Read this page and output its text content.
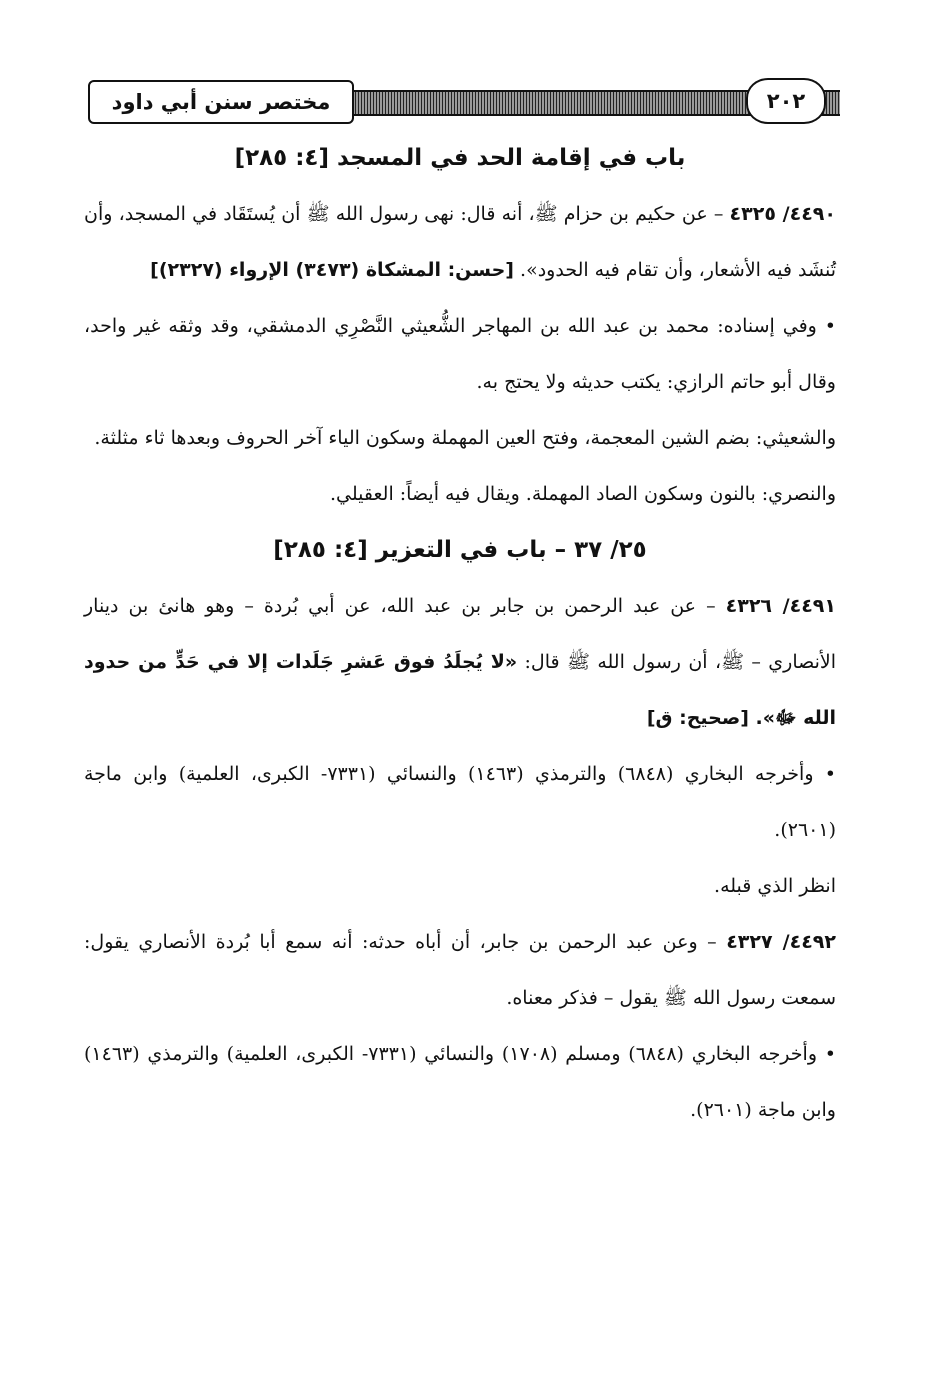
مختصر سنن أبي داود	٢٠٢

باب في إقامة الحد في المسجد [٤: ٢٨٥]

٤٤٩٠/ ٤٣٢٥ – عن حكيم بن حزام ﷺ، أنه قال: نهى رسول الله ﷺ أن يُستَقَاد في المسجد، وأن تُنشَد فيه الأشعار، وأن تقام فيه الحدود». [حسن: المشكاة (٣٤٧٣) الإرواء (٢٣٢٧)]

• وفي إسناده: محمد بن عبد الله بن المهاجر الشُّعيثي النَّصْرِي الدمشقي، وقد وثقه غير واحد، وقال أبو حاتم الرازي: يكتب حديثه ولا يحتج به.

والشعيثي: بضم الشين المعجمة، وفتح العين المهملة وسكون الياء آخر الحروف وبعدها ثاء مثلثة.

والنصري: بالنون وسكون الصاد المهملة. ويقال فيه أيضاً: العقيلي.

٢٥/ ٣٧ – باب في التعزير [٤: ٢٨٥]

٤٤٩١/ ٤٣٢٦ – عن عبد الرحمن بن جابر بن عبد الله، عن أبي بُردة – وهو هانئ بن دينار الأنصاري – ﷺ، أن رسول الله ﷺ قال: «لا يُجلَدُ فوق عَشرِ جَلَدات إلا في حَدٍّ من حدود الله ﷻ». [صحيح: ق]

• وأخرجه البخاري (٦٨٤٨) والترمذي (١٤٦٣) والنسائي (٧٣٣١- الكبرى، العلمية) وابن ماجة (٢٦٠١).

انظر الذي قبله.

٤٤٩٢/ ٤٣٢٧ – وعن عبد الرحمن بن جابر، أن أباه حدثه: أنه سمع أبا بُردة الأنصاري يقول: سمعت رسول الله ﷺ يقول – فذكر معناه.

• وأخرجه البخاري (٦٨٤٨) ومسلم (١٧٠٨) والنسائي (٧٣٣١- الكبرى، العلمية) والترمذي (١٤٦٣) وابن ماجة (٢٦٠١).
